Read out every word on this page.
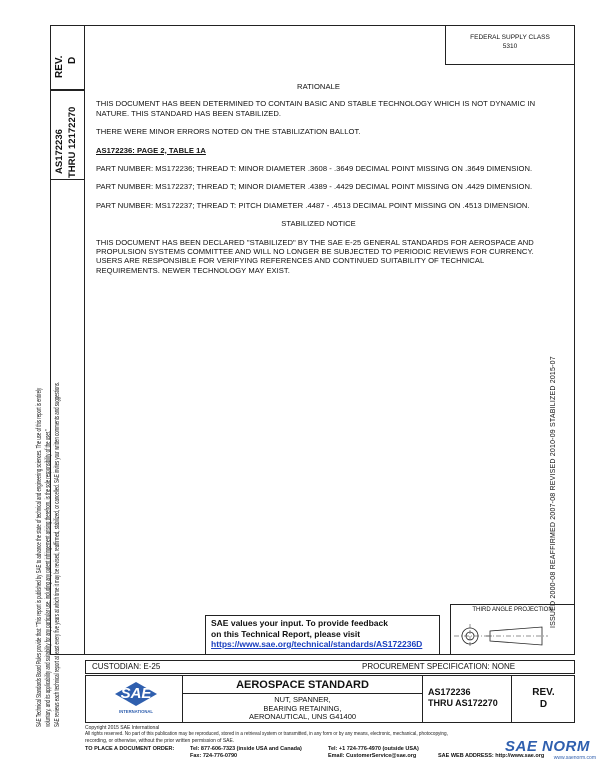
SAE Technical Standards Board Rules provide that: "This report is published by SAE to advance the state of technical and engineering sciences. The use of this report is entirely voluntary, and its applicability and suitability for any particular use, including any patent infringement arising therefrom, is the sole responsibility of the user." SAE reviews each technical report at least every five years at which time it may be revised, reaffirmed, stabilized, or cancelled. SAE invites your written comments and suggestions.
REV. D
AS172236 THRU 12172270
FEDERAL SUPPLY CLASS
5310
ISSUED 2000-08 REAFFIRMED 2007-08 REVISED 2010-09 STABILIZED 2015-07

RATIONALE

THIS DOCUMENT HAS BEEN DETERMINED TO CONTAIN BASIC AND STABLE TECHNOLOGY WHICH IS NOT DYNAMIC IN NATURE. THIS STANDARD HAS BEEN STABILIZED.

THERE WERE MINOR ERRORS NOTED ON THE STABILIZATION BALLOT.

AS172236: PAGE 2, TABLE 1A

PART NUMBER: MS172236; THREAD T: MINOR DIAMETER .3608 - .3649 DECIMAL POINT MISSING ON .3649 DIMENSION.

PART NUMBER: MS172237; THREAD T; MINOR DIAMETER .4389 - .4429 DECIMAL POINT MISSING ON .4429 DIMENSION.

PART NUMBER: MS172237; THREAD T: PITCH DIAMETER .4487 - .4513 DECIMAL POINT MISSING ON .4513 DIMENSION.

STABILIZED NOTICE

THIS DOCUMENT HAS BEEN DECLARED "STABILIZED" BY THE SAE E-25 GENERAL STANDARDS FOR AEROSPACE AND PROPULSION SYSTEMS COMMITTEE AND WILL NO LONGER BE SUBJECTED TO PERIODIC REVIEWS FOR CURRENCY. USERS ARE RESPONSIBLE FOR VERIFYING REFERENCES AND CONTINUED SUITABILITY OF TECHNICAL REQUIREMENTS. NEWER TECHNOLOGY MAY EXIST.

SAE values your input. To provide feedback
on this Technical Report, please visit
https://www.sae.org/technical/standards/AS172236D
THIRD ANGLE PROJECTION
CUSTODIAN: E-25	PROCUREMENT SPECIFICATION: NONE
SAE
INTERNATIONAL
AEROSPACE STANDARD
NUT, SPANNER,
BEARING RETAINING,
AERONAUTICAL, UNS G41400
AS172236
THRU AS172270
REV.
D
Copyright 2015 SAE International
All rights reserved. No part of this publication may be reproduced, stored in a retrieval system or transmitted, in any form or by any means, electronic, mechanical, photocopying,
recording, or otherwise, without the prior written permission of SAE.
TO PLACE A DOCUMENT ORDER:	Tel: 877-606-7323 (inside USA and Canada)
Fax: 724-776-0790
Tel: +1 724-776-4970 (outside USA)
Email: CustomerService@sae.org	SAE WEB ADDRESS: http://www.sae.org
SAE NORM
www.saenorm.com
